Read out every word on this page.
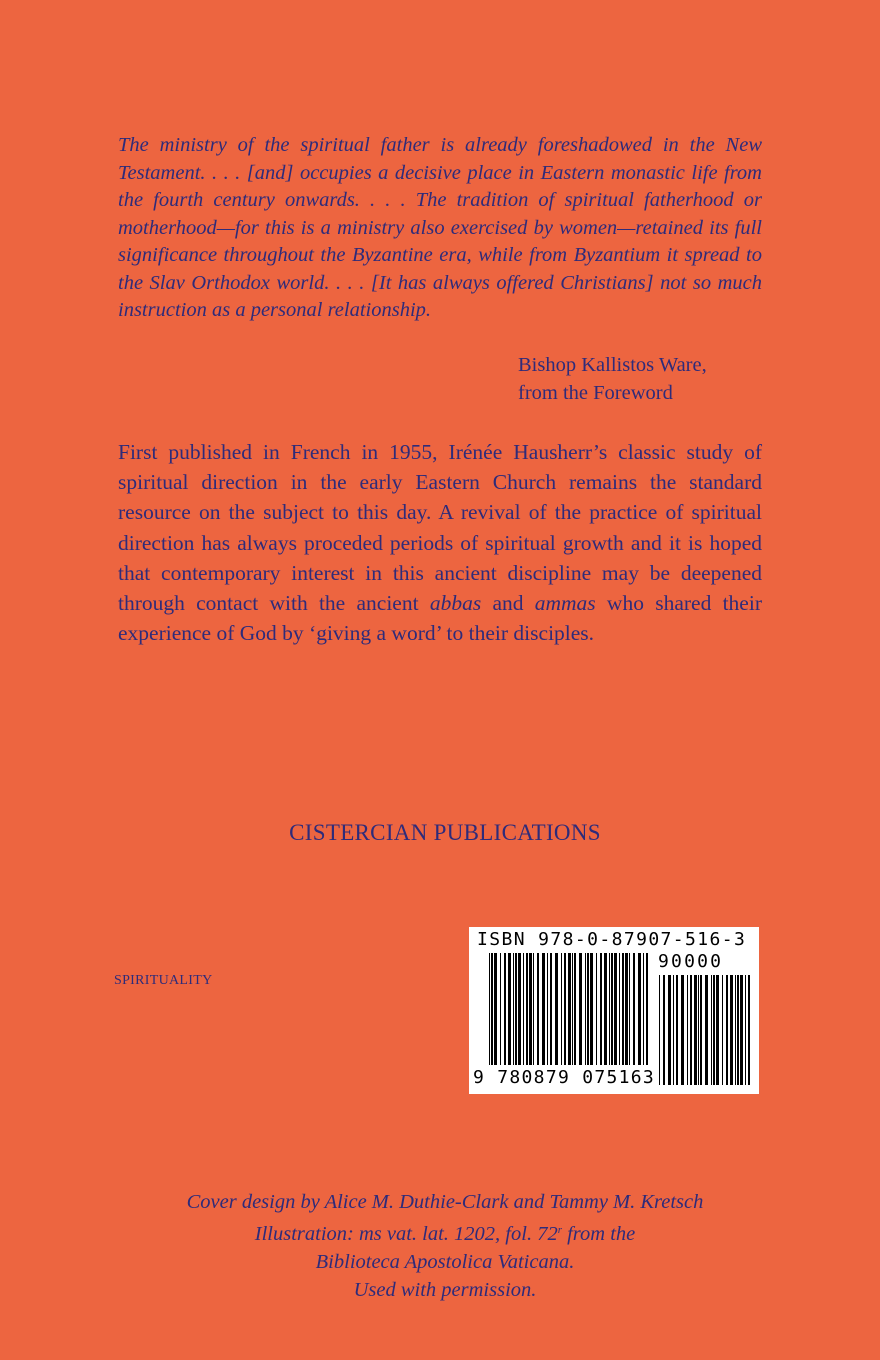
The ministry of the spiritual father is already foreshadowed in the New Testament. . . . [and] occupies a decisive place in Eastern monastic life from the fourth century onwards. . . . The tradition of spiritual fatherhood or motherhood—for this is a ministry also exercised by women—retained its full significance throughout the Byzantine era, while from Byzantium it spread to the Slav Orthodox world. . . . [It has always offered Christians] not so much instruction as a personal relationship.

Bishop Kallistos Ware,
from the Foreword

First published in French in 1955, Irénée Hausherr’s classic study of spiritual direction in the early Eastern Church remains the standard resource on the subject to this day. A revival of the practice of spiritual direction has always proceded periods of spiritual growth and it is hoped that contemporary interest in this ancient discipline may be deepened through contact with the ancient abbas and ammas who shared their experience of God by ‘giving a word’ to their disciples.

CISTERCIAN PUBLICATIONS
SPIRITUALITY
ISBN 978-0-87907-516-3
90000
9 780879 075163
Cover design by Alice M. Duthie-Clark and Tammy M. Kretsch
Illustration: ms vat. lat. 1202, fol. 72$^r$ from the
Biblioteca Apostolica Vaticana.
Used with permission.
